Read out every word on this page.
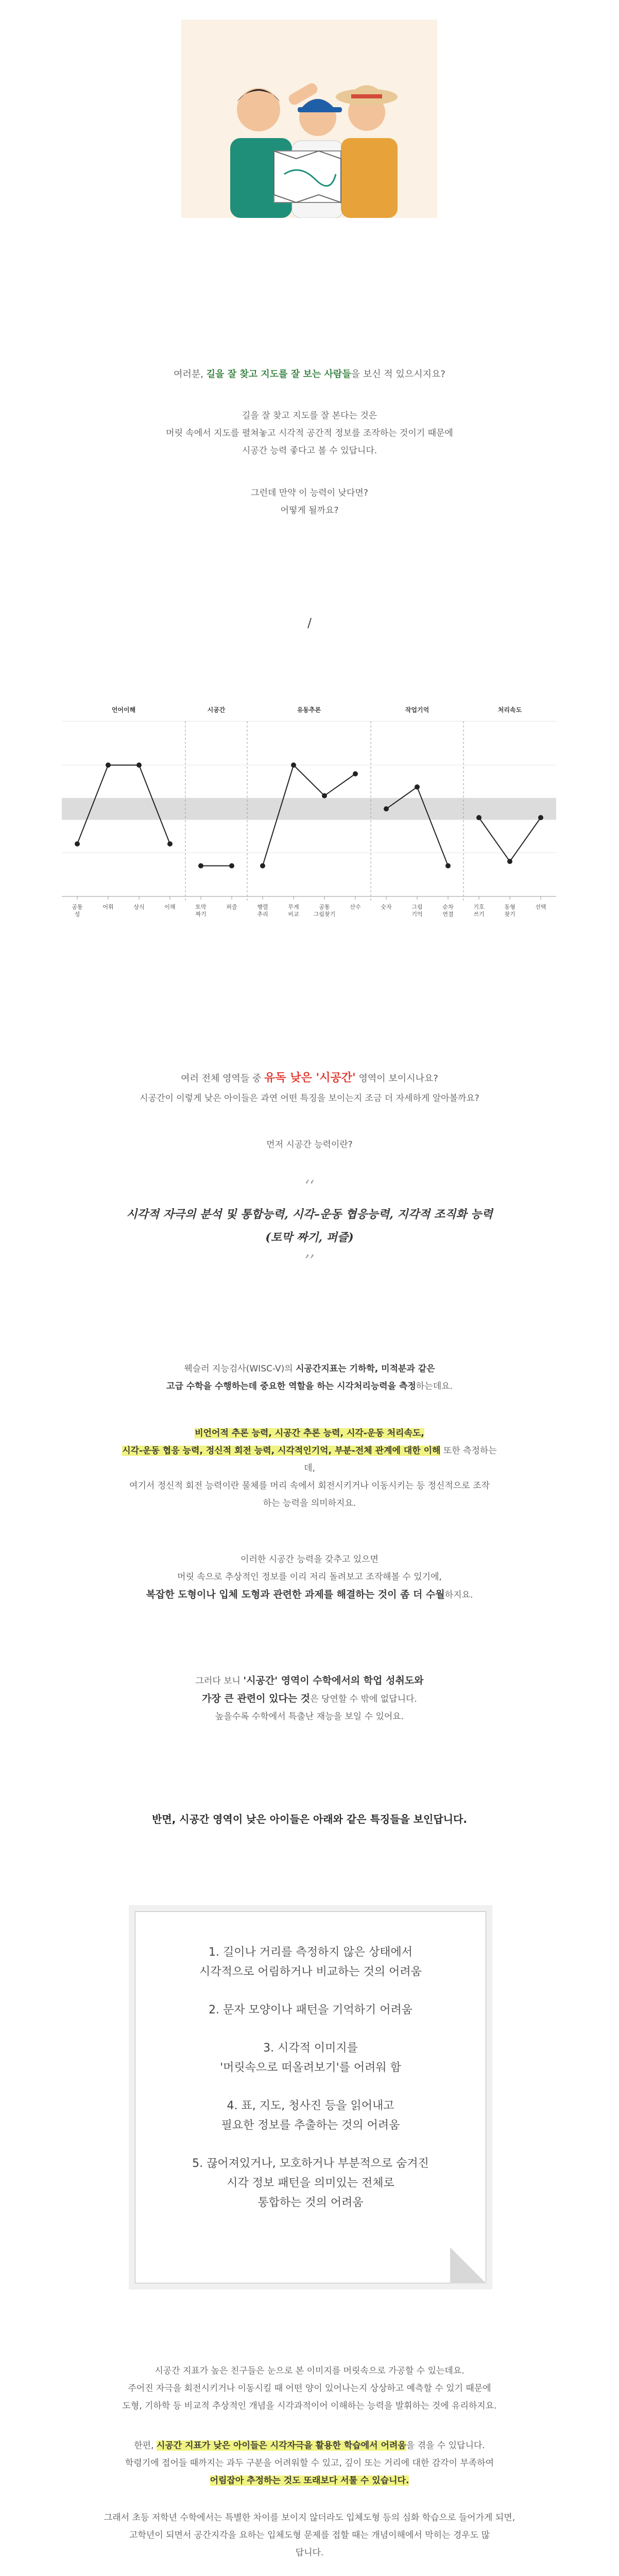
여러분, 길을 잘 찾고 지도를 잘 보는 사람들을 보신 적 있으시지요?

길을 잘 찾고 지도를 잘 본다는 것은

머릿 속에서 지도를 펼쳐놓고 시각적 공간적 정보를 조작하는 것이기 때문에

시공간 능력 좋다고 볼 수 있답니다.

그런데 만약 이 능력이 낮다면?

어떻게 될까요?

/

언어이해	시공간	유동추론	작업기억	처리속도
공통 성
어휘	상식	이해	토막 짜기
퍼즐	행렬 추리
무게 비교
공통 그림찾기
산수	숫자	그림 기억
순차 연결
기호 쓰기
동형 찾기
선택

여러 전체 영역들 중 유독 낮은 '시공간' 영역이 보이시나요?

시공간이 이렇게 낮은 아이들은 과연 어떤 특징을 보이는지 조금 더 자세하게 알아볼까요?

먼저 시공간 능력이란?

‘‘

시각적 자극의 분석 및 통합능력, 시각–운동 협응능력, 지각적 조직화 능력

(토막 짜기, 퍼즐)

’’

웩슬러 지능검사(WISC-V)의 시공간지표는 기하학, 미적분과 같은

고급 수학을 수행하는데 중요한 역할을 하는 시각처리능력을 측정하는데요.

비언어적 추론 능력, 시공간 추론 능력, 시각-운동 처리속도,

시각-운동 협응 능력, 정신적 회전 능력, 시각적인기억, 부분-전체 관계에 대한 이해 또한 측정하는

데,

여기서 정신적 회전 능력이란 물체를 머리 속에서 회전시키거나 이동시키는 등 정신적으로 조작

하는 능력을 의미하지요.

이러한 시공간 능력을 갖추고 있으면

머릿 속으로 추상적인 정보를 이리 저리 돌려보고 조작해볼 수 있기에,

복잡한 도형이나 입체 도형과 관련한 과제를 해결하는 것이 좀 더 수월하지요.

그러다 보니 '시공간' 영역이 수학에서의 학업 성취도와

가장 큰 관련이 있다는 것은 당연할 수 밖에 없답니다.

높을수록 수학에서 특출난 재능을 보일 수 있어요.

반면, 시공간 영역이 낮은 아이들은 아래와 같은 특징들을 보인답니다.

1. 길이나 거리를 측정하지 않은 상태에서

시각적으로 어림하거나 비교하는 것의 어려움

2. 문자 모양이나 패턴을 기억하기 어려움

3. 시각적 이미지를

'머릿속으로 떠올려보기'를 어려워 함

4. 표, 지도, 청사진 등을 읽어내고

필요한 정보를 추출하는 것의 어려움

5. 끊어져있거나, 모호하거나 부분적으로 숨겨진

시각 정보 패턴을 의미있는 전체로

통합하는 것의 어려움

시공간 지표가 높은 친구들은 눈으로 본 이미지를 머릿속으로 가공할 수 있는데요.

주어진 자극을 회전시키거나 이동시킬 때 어떤 양이 있어나는지 상상하고 예측할 수 있기 때문에

도형, 기하학 등 비교적 추상적인 개념을 시각과적이어 이해하는 능력을 발휘하는 것에 유리하지요.

한편, 시공간 지표가 낮은 아이들은 시각자극을 활용한 학습에서 어려움을 겪을 수 있답니다.

학령기에 접어들 때까지는 과두 구분을 어려워할 수 있고, 깊이 또는 거리에 대한 감각이 부족하여

어림잡아 추정하는 것도 또래보다 서툴 수 있습니다.

그래서 초등 저학년 수학에서는 특별한 차이를 보이지 않더라도 입체도형 등의 심화 학습으로 들어가게 되면,

고학년이 되면서 공간지각을 요하는 입체도형 문제를 접할 때는 개념이해에서 막히는 경우도 많

답니다.
